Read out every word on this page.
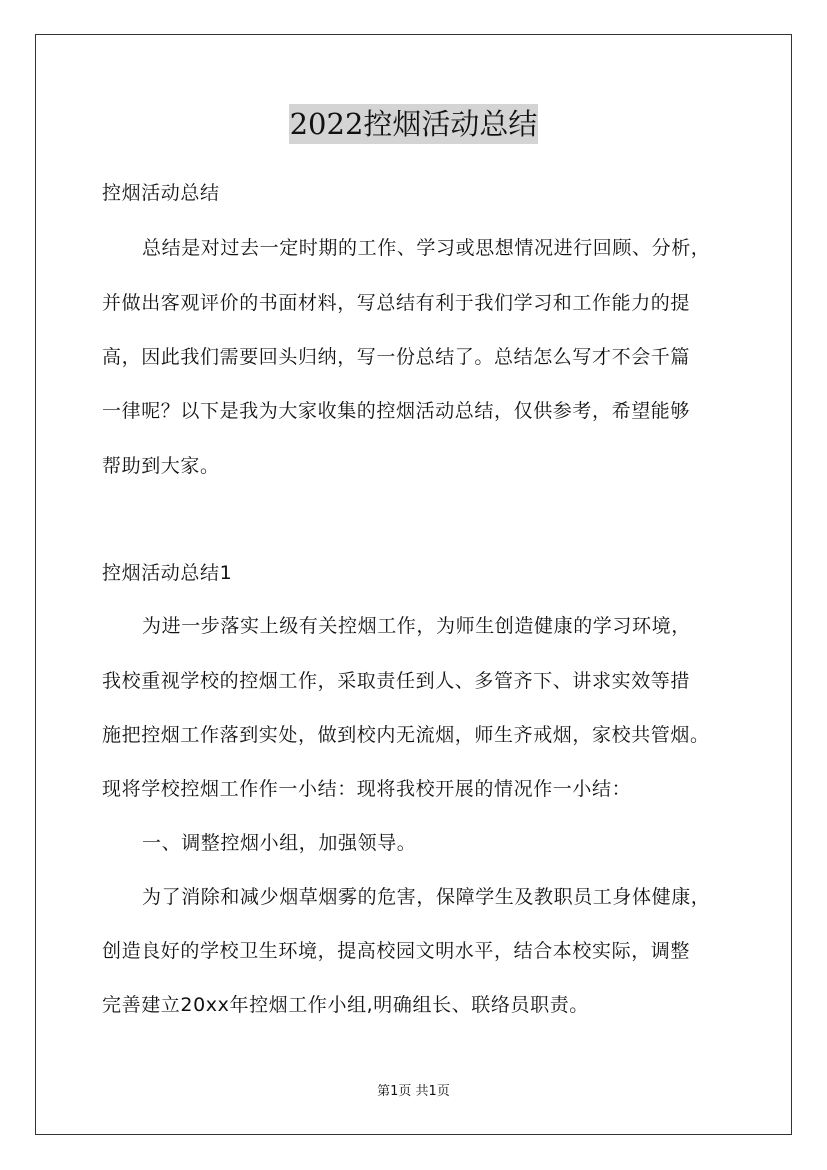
2022控烟活动总结
控烟活动总结
总结是对过去一定时期的工作、学习或思想情况进行回顾、分析，
并做出客观评价的书面材料，写总结有利于我们学习和工作能力的提
高，因此我们需要回头归纳，写一份总结了。总结怎么写才不会千篇
一律呢？以下是我为大家收集的控烟活动总结，仅供参考，希望能够
帮助到大家。
控烟活动总结1
为进一步落实上级有关控烟工作，为师生创造健康的学习环境，
我校重视学校的控烟工作，采取责任到人、多管齐下、讲求实效等措
施把控烟工作落到实处，做到校内无流烟，师生齐戒烟，家校共管烟。
现将学校控烟工作作一小结：现将我校开展的情况作一小结：
一、调整控烟小组，加强领导。
为了消除和减少烟草烟雾的危害，保障学生及教职员工身体健康，
创造良好的学校卫生环境，提高校园文明水平，结合本校实际，调整
完善建立20xx年控烟工作小组,明确组长、联络员职责。
第1页 共1页
